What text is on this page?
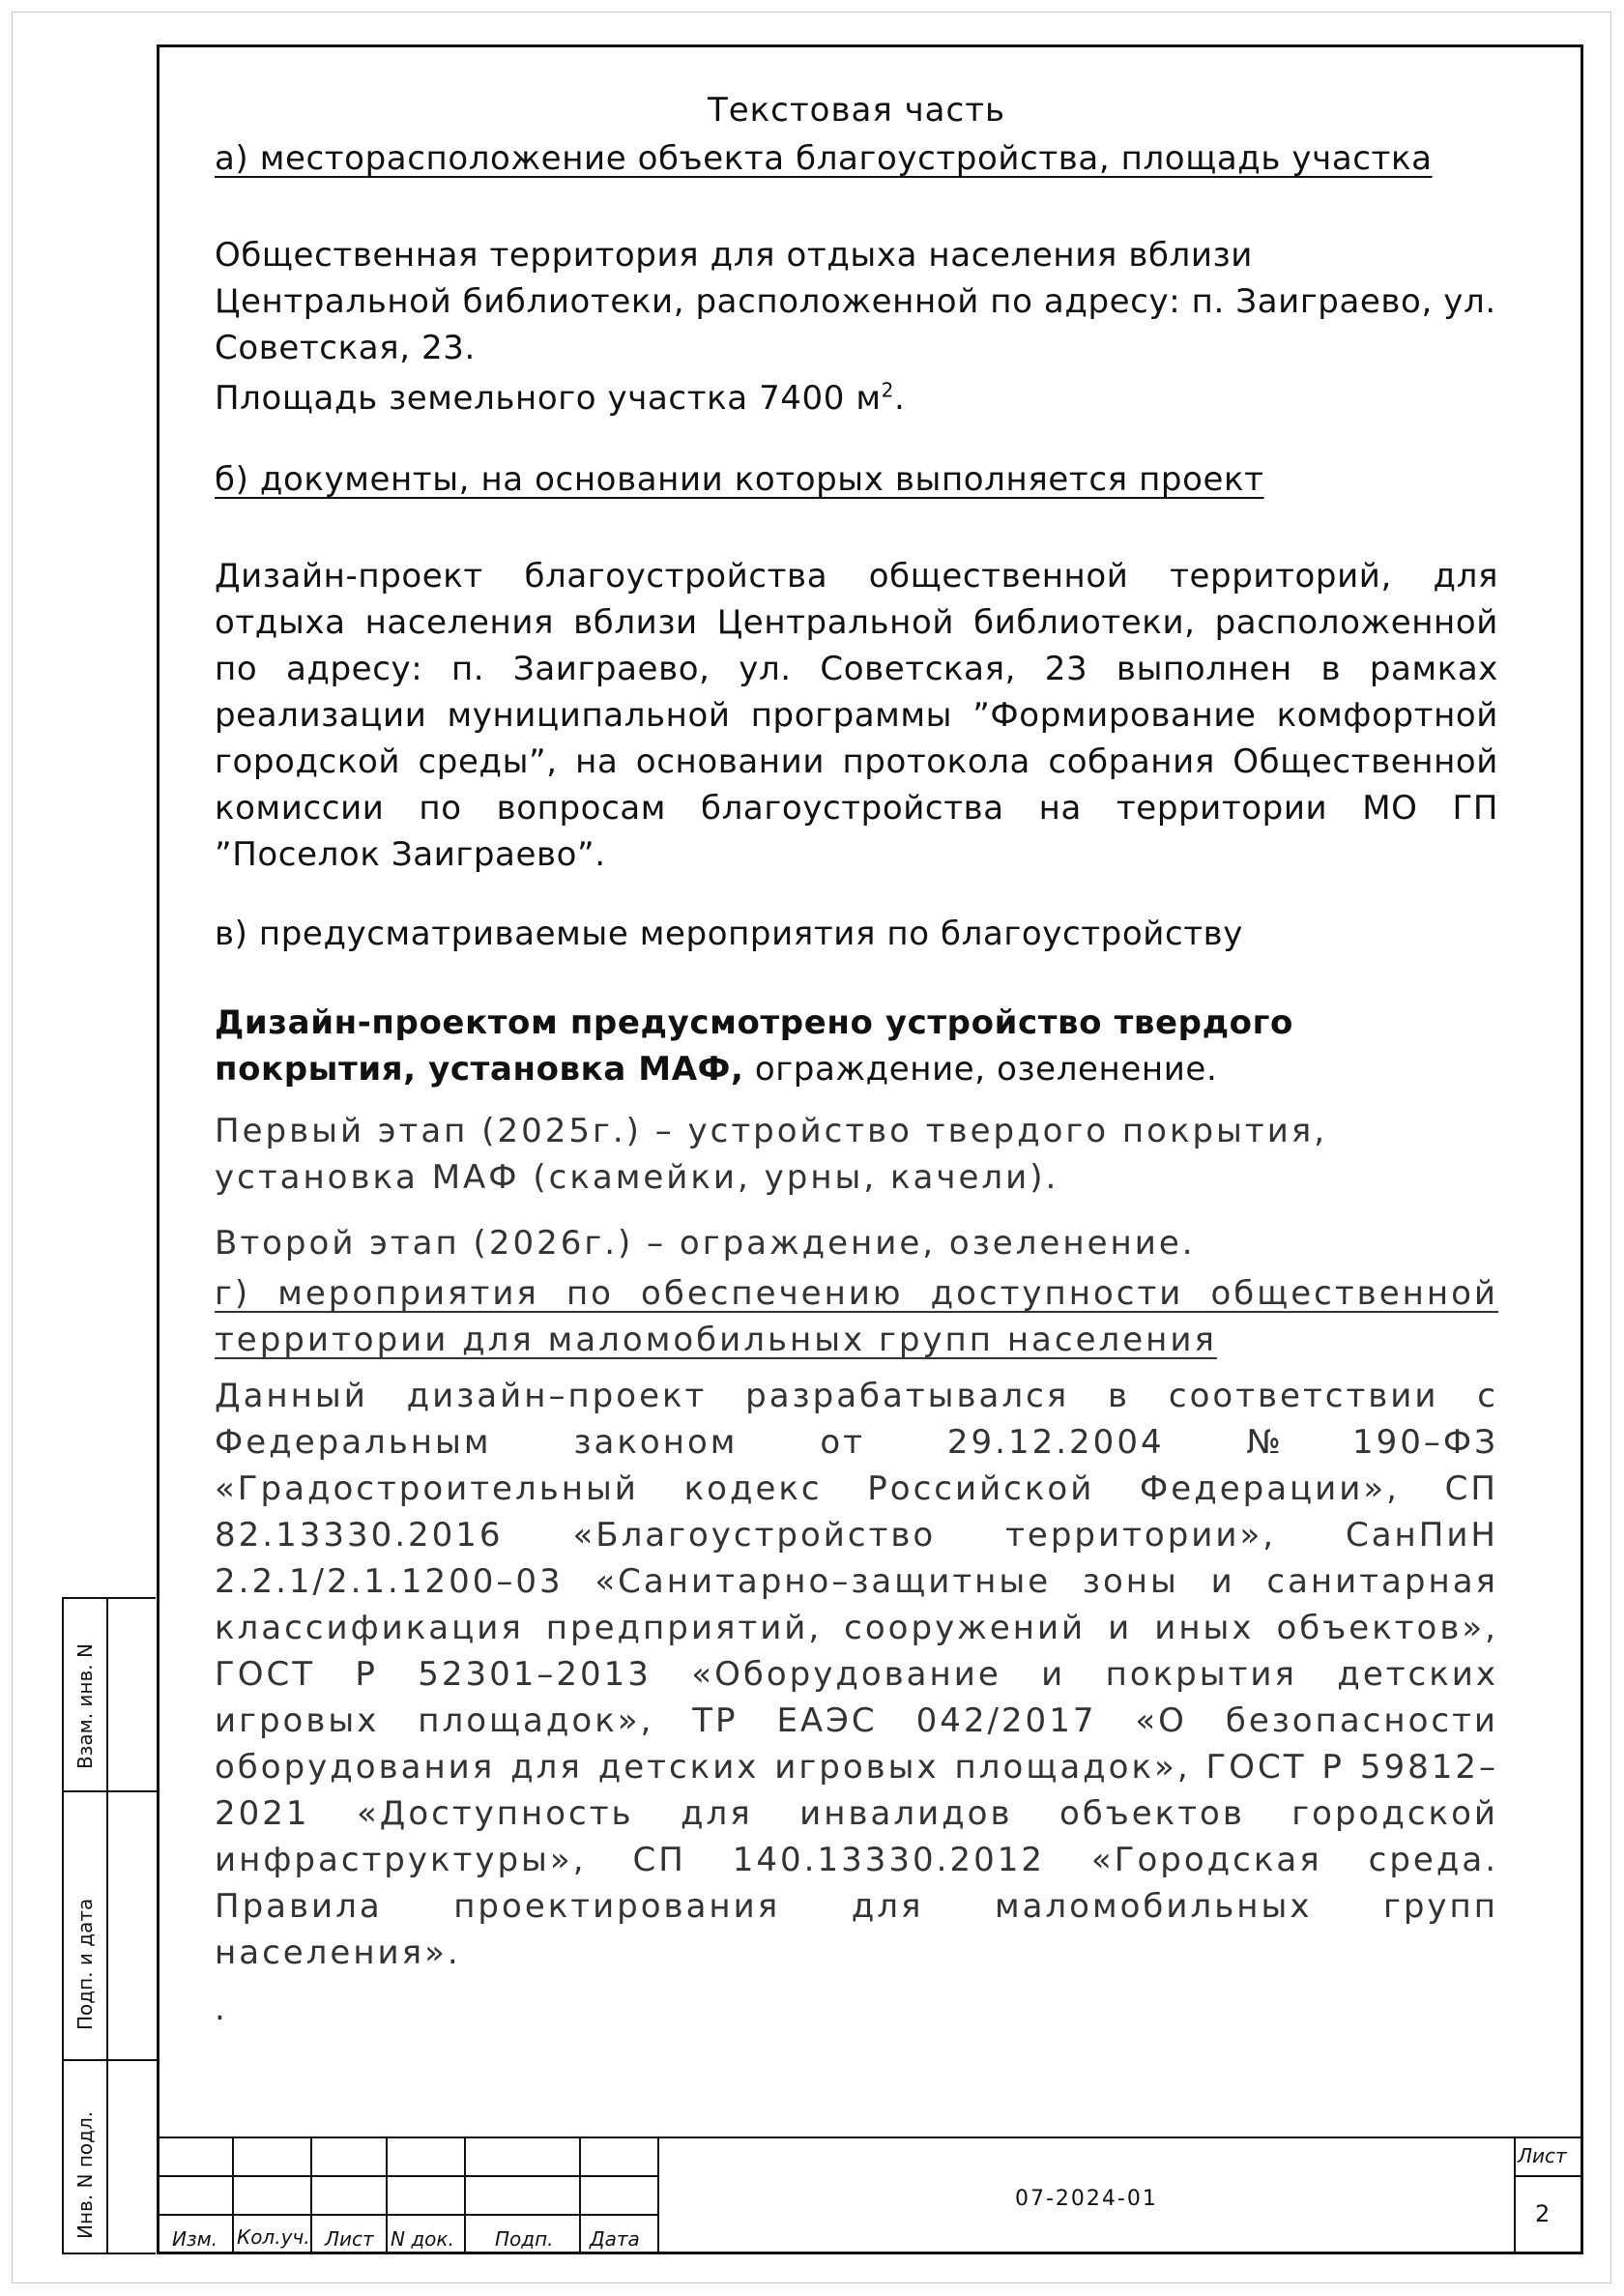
Текстовая часть
а) месторасположение объекта благоустройства, площадь участка
Общественная территория для отдыха населения вблизи Центральной библиотеки, расположенной по адресу: п. Заиграево, ул. Советская, 23.
Площадь земельного участка 7400 $м^2$.
б) документы, на основании которых выполняется проект
Дизайн-проект благоустройства общественной территорий, для отдыха населения вблизи Центральной библиотеки, расположенной по адресу: п. Заиграево, ул. Советская, 23 выполнен в рамках реализации муниципальной программы ”Формирование комфортной городской среды”, на основании протокола собрания Общественной комиссии по вопросам благоустройства на территории МО ГП ”Поселок Заиграево”.
в) предусматриваемые мероприятия по благоустройству
Дизайн-проектом предусмотрено устройство твердого покрытия, установка МАФ, ограждение, озеленение.
Первый этап (2025г.) – устройство твердого покрытия, установка МАФ (скамейки, урны, качели).
Второй этап (2026г.) – ограждение, озеленение.
г) мероприятия по обеспечению доступности общественной территории для маломобильных групп населения
Данный дизайн–проект разрабатывался в соответствии с Федеральным законом от 29.12.2004 №190–ФЗ «Градостроительный кодекс Российской Федерации», СП 82.13330.2016 «Благоустройство территории», СанПиН 2.2.1/2.1.1200–03 «Санитарно–защитные зоны и санитарная классификация предприятий, сооружений и иных объектов», ГОСТ Р 52301–2013 «Оборудование и покрытия детских игровых площадок», ТР ЕАЭС 042/2017 «О безопасности оборудования для детских игровых площадок», ГОСТ Р 59812–2021 «Доступность для инвалидов объектов городской инфраструктуры», СП 140.13330.2012 «Городская среда. Правила проектирования для маломобильных групп населения».
.
Взам. инв. N
Подп. и дата
Инв. N подл.	Изм. Кол.уч. Лист N док. Подп. Дата
07-2024-01
Лист
2
